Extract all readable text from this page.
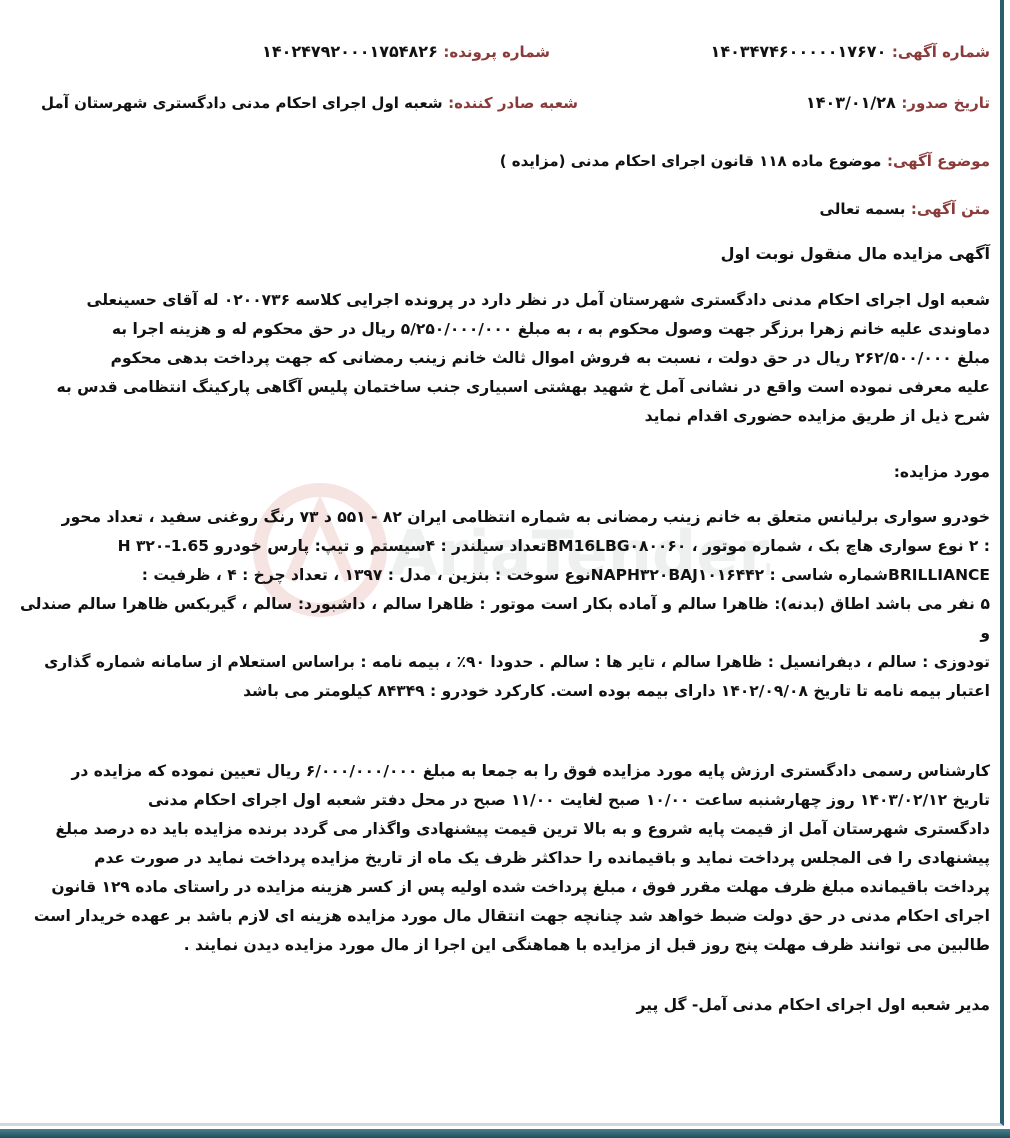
AriaTender
شماره آگهی: ۱۴۰۳۴۷۴۶۰۰۰۰۰۱۷۶۷۰
شماره پرونده: ۱۴۰۲۴۷۹۲۰۰۰۱۷۵۴۸۲۶
تاریخ صدور: ۱۴۰۳/۰۱/۲۸
شعبه صادر کننده: شعبه اول اجرای احکام مدنی دادگستری شهرستان آمل
موضوع آگهی: موضوع ماده ۱۱۸ قانون اجرای احکام مدنی (مزایده )
متن آگهی: بسمه تعالی
آگهی مزایده مال منقول نوبت اول

شعبه اول اجرای احکام مدنی دادگستری شهرستان آمل در نظر دارد در پرونده اجرایی کلاسه ۰۲۰۰۷۳۶ له آقای حسینعلی

دماوندی علیه خانم زهرا برزگر جهت وصول محکوم به ، به مبلغ ۵/۲۵۰/۰۰۰/۰۰۰ ریال در حق محکوم له و هزینه اجرا به

مبلغ ۲۶۲/۵۰۰/۰۰۰ ریال در حق دولت ، نسبت به فروش اموال ثالث خانم زینب رمضانی که جهت پرداخت بدهی محکوم

علیه معرفی نموده است واقع در نشانی آمل خ شهید بهشتی اسبیاری جنب ساختمان پلیس آگاهی پارکینگ انتظامی قدس به

شرح ذیل از طریق مزایده حضوری اقدام نماید

مورد مزایده:

خودرو سواری برلیانس متعلق به خانم زینب رمضانی به شماره انتظامی ایران ۸۲ - ۵۵۱ د ۷۳ رنگ روغنی سفید ، تعداد محور

: ۲ نوع سواری هاچ بک ، شماره موتور ، BM16LBG۰۸۰۰۶۰تعداد سیلندر : ۴سیستم و تیپ: پارس خودرو H ۳۲۰-1.65

BRILLIANCEشماره شاسی : NAPH۳۲۰BAJ۱۰۱۶۴۴۲نوع سوخت : بنزین ، مدل : ۱۳۹۷ ، تعداد چرخ : ۴ ، ظرفیت :

۵ نفر می باشد اطاق (بدنه): ظاهرا سالم و آماده بکار است موتور : ظاهرا سالم ، داشبورد: سالم ، گیربکس ظاهرا سالم صندلی و

تودوزی : سالم ، دیفرانسیل : ظاهرا سالم ، تایر ها : سالم . حدودا ۹۰٪ ، بیمه نامه : براساس استعلام از سامانه شماره گذاری

اعتبار بیمه نامه تا تاریخ ۱۴۰۲/۰۹/۰۸ دارای بیمه بوده است. کارکرد خودرو : ۸۴۳۴۹ کیلومتر می باشد

کارشناس رسمی دادگستری ارزش پایه مورد مزایده فوق را به جمعا به مبلغ ۶/۰۰۰/۰۰۰/۰۰۰ ریال تعیین نموده که مزایده در

تاریخ ۱۴۰۳/۰۲/۱۲ روز چهارشنبه ساعت ۱۰/۰۰ صبح لغایت ۱۱/۰۰ صبح در محل دفتر شعبه اول اجرای احکام مدنی

دادگستری شهرستان آمل از قیمت پایه شروع و به بالا ترین قیمت پیشنهادی واگذار می گردد برنده مزایده باید ده درصد مبلغ

پیشنهادی را فی المجلس پرداخت نماید و باقیمانده را حداکثر ظرف یک ماه از تاریخ مزایده پرداخت نماید در صورت عدم

پرداخت باقیمانده مبلغ ظرف مهلت مقرر فوق ، مبلغ پرداخت شده اولیه پس از کسر هزینه مزایده در راستای ماده ۱۲۹ قانون

اجرای احکام مدنی در حق دولت ضبط خواهد شد چنانچه جهت انتقال مال مورد مزایده هزینه ای لازم باشد بر عهده خریدار است

طالبین می توانند ظرف مهلت پنج روز قبل از مزایده با هماهنگی این اجرا از مال مورد مزایده دیدن نمایند .

مدیر شعبه اول اجرای احکام مدنی آمل- گل پیر
